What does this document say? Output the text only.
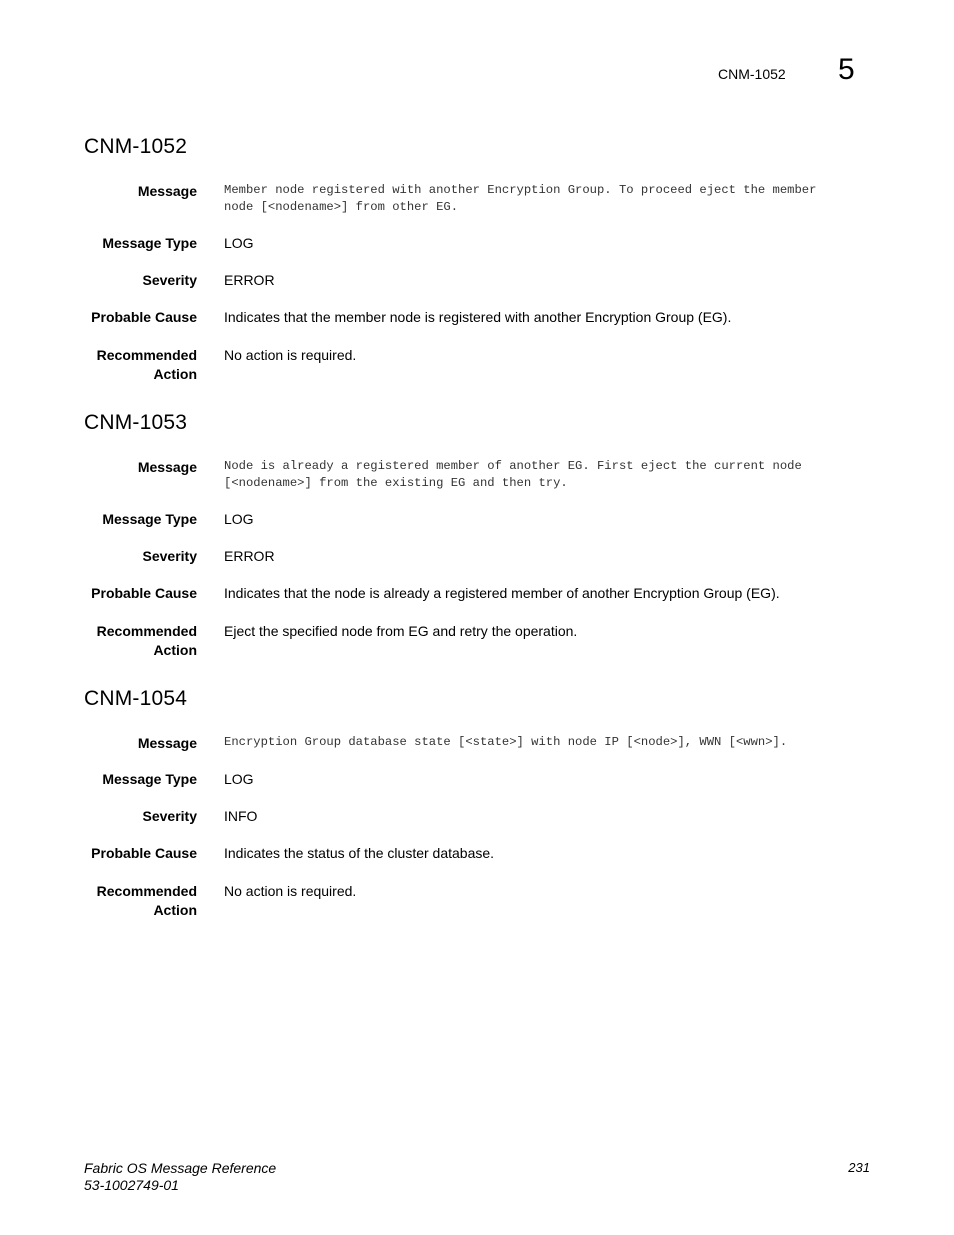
CNM-1052 5
CNM-1052
Message Member node registered with another Encryption Group. To proceed eject the member
node [<nodename>] from other EG.
Message Type LOG
Severity ERROR
Probable Cause Indicates that the member node is registered with another Encryption Group (EG).
Recommended
Action
No action is required.
CNM-1053
Message Node is already a registered member of another EG. First eject the current node
[<nodename>] from the existing EG and then try.
Message Type LOG
Severity ERROR
Probable Cause Indicates that the node is already a registered member of another Encryption Group (EG).
Recommended
Action
Eject the specified node from EG and retry the operation.
CNM-1054
Message Encryption Group database state [<state>] with node IP [<node>], WWN [<wwn>].
Message Type LOG
Severity INFO
Probable Cause Indicates the status of the cluster database.
Recommended
Action
No action is required.
Fabric OS Message Reference
53-1002749-01
231
